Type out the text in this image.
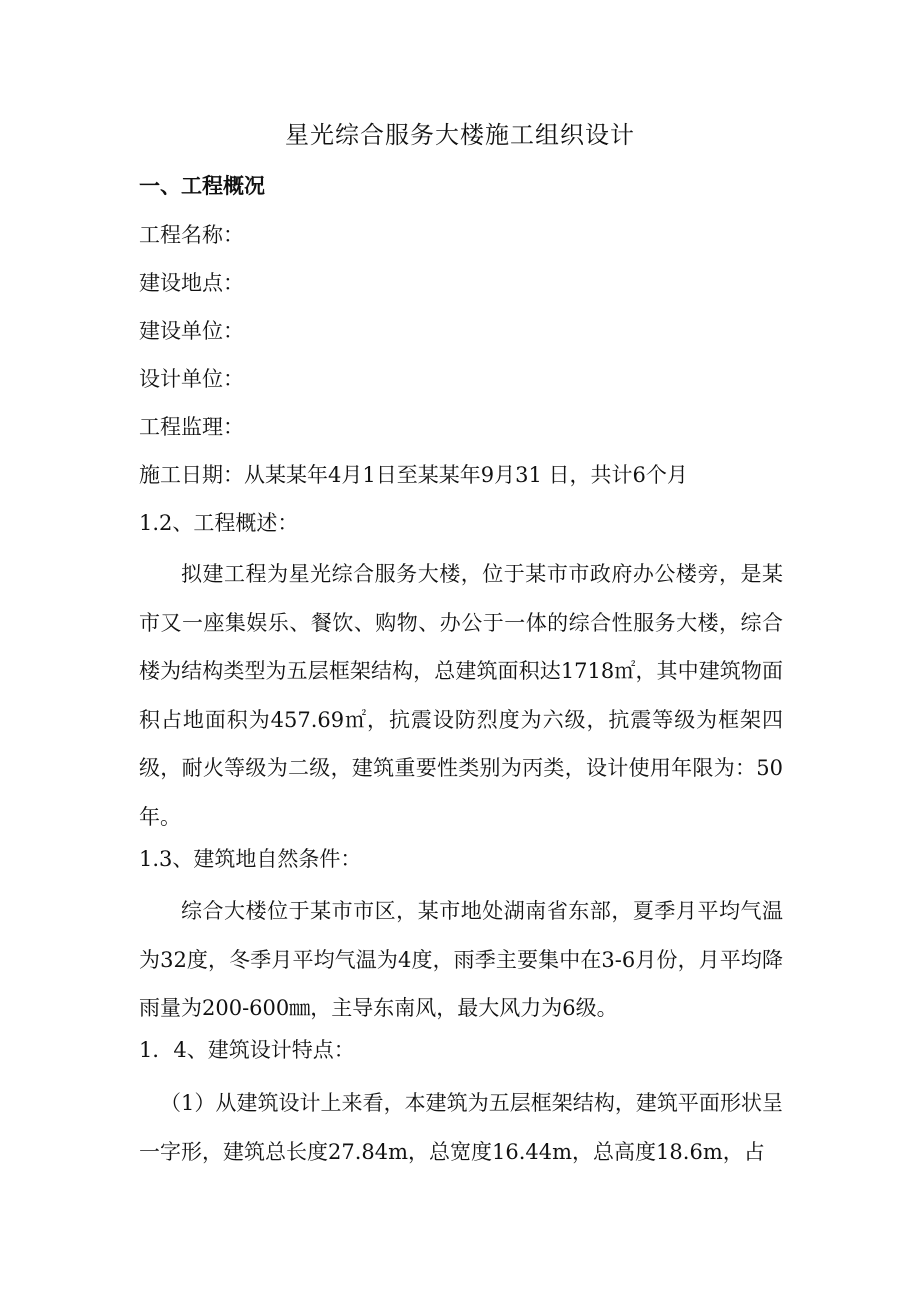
星光综合服务大楼施工组织设计
一、工程概况
工程名称：
建设地点：
建设单位：
设计单位：
工程监理：
施工日期：从某某年4月1日至某某年9月31 日，共计6个月
1.2、工程概述：

拟建工程为星光综合服务大楼，位于某市市政府办公楼旁，是某市又一座集娱乐、餐饮、购物、办公于一体的综合性服务大楼，综合楼为结构类型为五层框架结构，总建筑面积达1718㎡，其中建筑物面积占地面积为457.69㎡，抗震设防烈度为六级，抗震等级为框架四级，耐火等级为二级，建筑重要性类别为丙类，设计使用年限为：50年。

1.3、建筑地自然条件：

综合大楼位于某市市区，某市地处湖南省东部，夏季月平均气温为32度，冬季月平均气温为4度，雨季主要集中在3-6月份，月平均降雨量为200-600㎜，主导东南风，最大风力为6级。

1．4、建筑设计特点：

（1）从建筑设计上来看，本建筑为五层框架结构，建筑平面形状呈一字形，建筑总长度27.84m，总宽度16.44m，总高度18.6m，占
